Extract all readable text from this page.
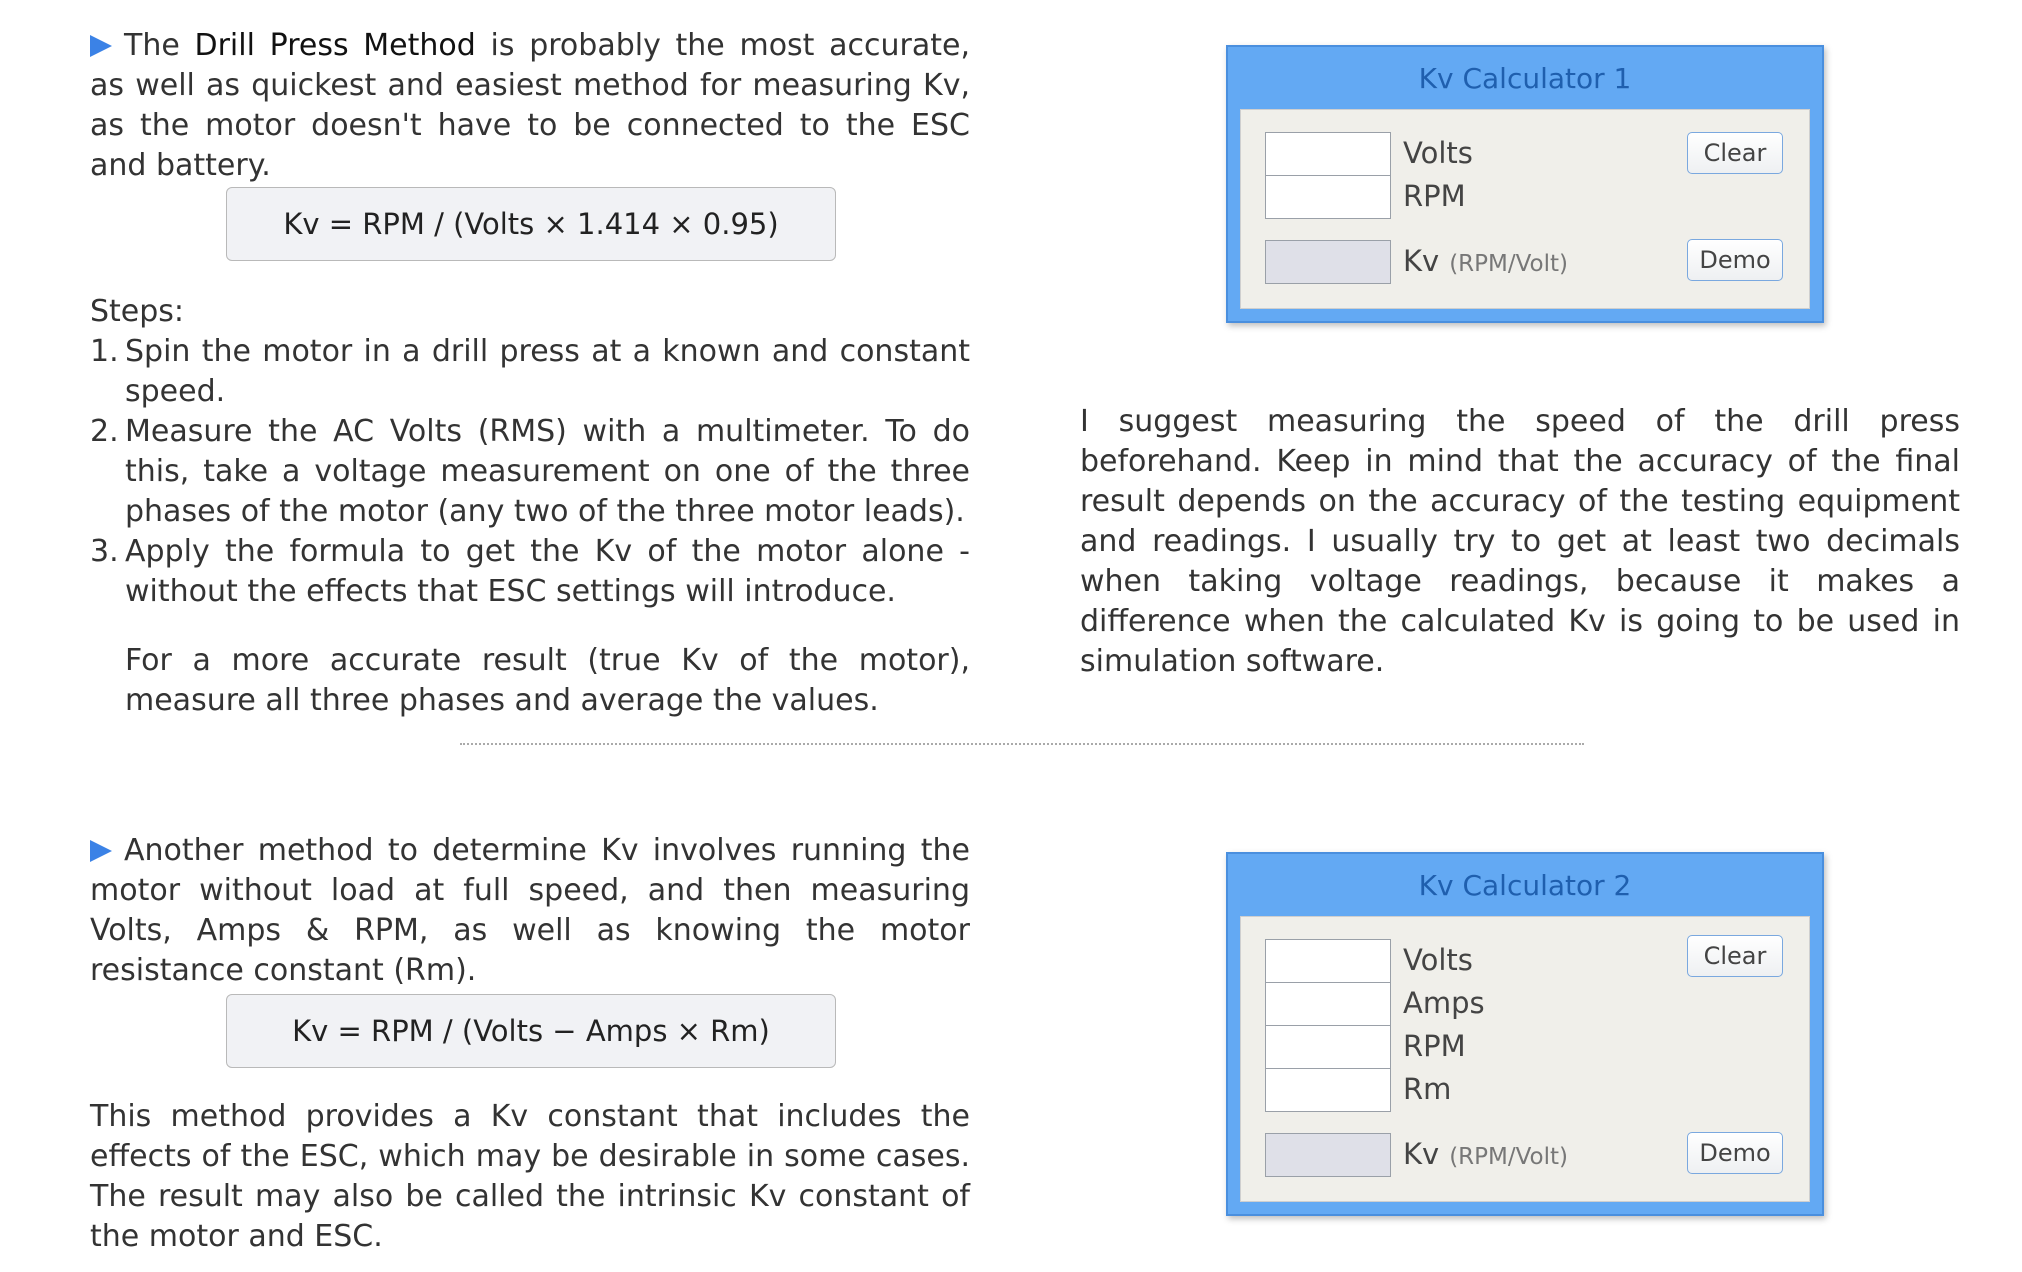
The Drill Press Method is probably the most accurate, as well as quickest and easiest method for measuring Kv, as the motor doesn't have to be connected to the ESC and battery.
Kv = RPM / (Volts × 1.414 × 0.95)
Steps:
1. Spin the motor in a drill press at a known and constant speed.
2. Measure the AC Volts (RMS) with a multimeter. To do this, take a voltage measurement on one of the three phases of the motor (any two of the three motor leads).
3. Apply the formula to get the Kv of the motor alone - without the effects that ESC settings will introduce.
For a more accurate result (true Kv of the motor), measure all three phases and average the values.
I suggest measuring the speed of the drill press beforehand. Keep in mind that the accuracy of the final result depends on the accuracy of the testing equipment and readings. I usually try to get at least two decimals when taking voltage readings, because it makes a difference when the calculated Kv is going to be used in simulation software.
Kv Calculator 1
Volts
RPM
Kv (RPM/Volt)
Clear
Demo
Another method to determine Kv involves running the motor without load at full speed, and then measuring Volts, Amps & RPM, as well as knowing the motor resistance constant (Rm).
Kv = RPM / (Volts − Amps × Rm)
This method provides a Kv constant that includes the effects of the ESC, which may be desirable in some cases. The result may also be called the intrinsic Kv constant of the motor and ESC.
Kv Calculator 2
Volts
Amps
RPM
Rm
Kv (RPM/Volt)
Clear
Demo
